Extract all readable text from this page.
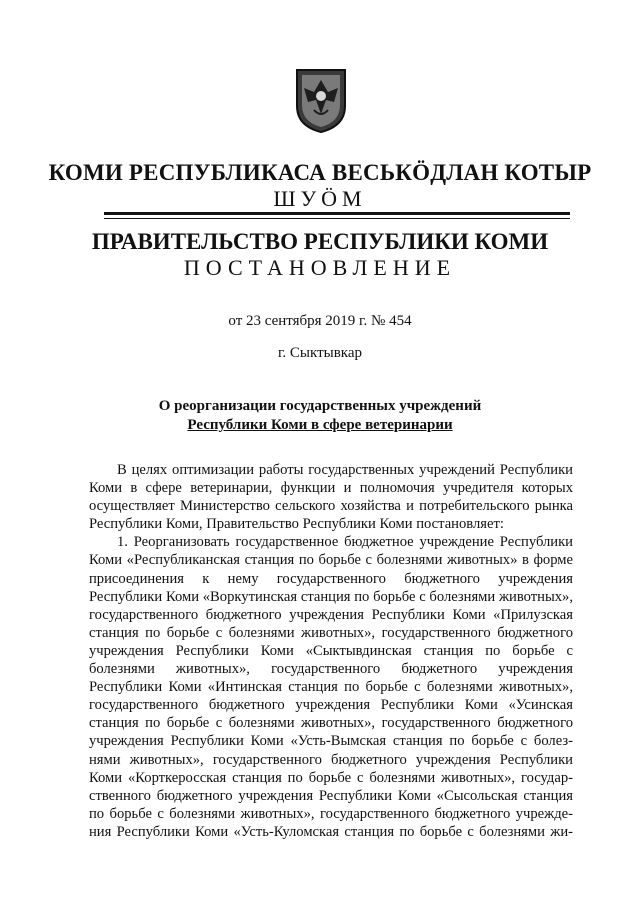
КОМИ РЕСПУБЛИКАСА ВЕСЬКӦДЛАН КОТЫР
ШУӦМ
ПРАВИТЕЛЬСТВО РЕСПУБЛИКИ КОМИ
ПОСТАНОВЛЕНИЕ
от 23 сентября 2019 г. № 454
г. Сыктывкар
О реорганизации государственных учреждений
Республики Коми в сфере ветеринарии

В целях оптимизации работы государственных учреждений Республики Коми в сфере ветеринарии, функции и полномочия учредителя которых осуществляет Министерство сельского хозяйства и потребительского рынка Республики Коми, Правительство Республики Коми постановляет:

1. Реорганизовать государственное бюджетное учреждение Республики Коми «Республиканская станция по борьбе с болезнями животных» в форме присоединения к нему государственного бюджетного учреждения Республики Коми «Воркутинская станция по борьбе с болезнями животных», государственного бюджетного учреждения Республики Коми «Прилузская станция по борьбе с болезнями животных», государственного бюджетного учреждения Республики Коми «Сыктывдинская станция по борьбе с болезнями животных», государственного бюджетного учреждения Республики Коми «Интинская станция по борьбе с болезнями животных», государственного бюджетного учреждения Республики Коми «Усинская станция по борьбе с болезнями животных», государственного бюджетного учреждения Республики Коми «Усть-Вымская станция по борьбе с болезнями животных», государственного бюджетного учреждения Республики Коми «Корткеросская станция по борьбе с болезнями животных», государственного бюджетного учреждения Республики Коми «Сысольская станция по борьбе с болезнями животных», государственного бюджетного учреждения Республики Коми «Усть-Куломская станция по борьбе с болезнями жи-
